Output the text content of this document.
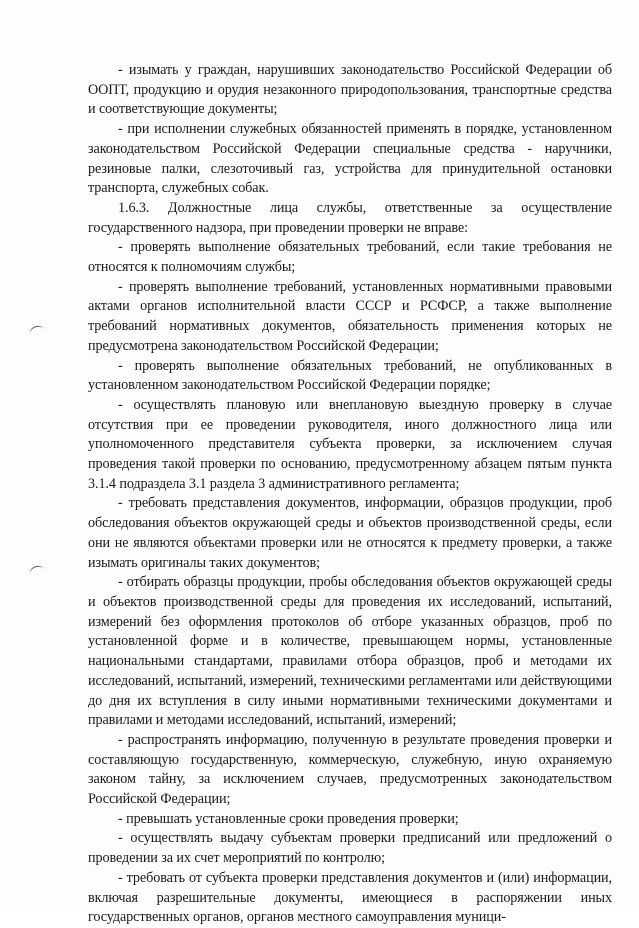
- изымать у граждан, нарушивших законодательство Российской Федерации об ООПТ, продукцию и орудия незаконного природопользования, транспортные средства и соответствующие документы;

- при исполнении служебных обязанностей применять в порядке, установленном законодательством Российской Федерации специальные средства - наручники, резиновые палки, слезоточивый газ, устройства для принудительной остановки транспорта, служебных собак.

1.6.3. Должностные лица службы, ответственные за осуществление государственного надзора, при проведении проверки не вправе:

- проверять выполнение обязательных требований, если такие требования не относятся к полномочиям службы;

- проверять выполнение требований, установленных нормативными правовыми актами органов исполнительной власти СССР и РСФСР, а также выполнение требований нормативных документов, обязательность применения которых не предусмотрена законодательством Российской Федерации;

- проверять выполнение обязательных требований, не опубликованных в установленном законодательством Российской Федерации порядке;

- осуществлять плановую или внеплановую выездную проверку в случае отсутствия при ее проведении руководителя, иного должностного лица или уполномоченного представителя субъекта проверки, за исключением случая проведения такой проверки по основанию, предусмотренному абзацем пятым пункта 3.1.4 подраздела 3.1 раздела 3 административного регламента;

- требовать представления документов, информации, образцов продукции, проб обследования объектов окружающей среды и объектов производственной среды, если они не являются объектами проверки или не относятся к предмету проверки, а также изымать оригиналы таких документов;

- отбирать образцы продукции, пробы обследования объектов окружающей среды и объектов производственной среды для проведения их исследований, испытаний, измерений без оформления протоколов об отборе указанных образцов, проб по установленной форме и в количестве, превышающем нормы, установленные национальными стандартами, правилами отбора образцов, проб и методами их исследований, испытаний, измерений, техническими регламентами или действующими до дня их вступления в силу иными нормативными техническими документами и правилами и методами исследований, испытаний, измерений;

- распространять информацию, полученную в результате проведения проверки и составляющую государственную, коммерческую, служебную, иную охраняемую законом тайну, за исключением случаев, предусмотренных законодательством Российской Федерации;

- превышать установленные сроки проведения проверки;

- осуществлять выдачу субъектам проверки предписаний или предложений о проведении за их счет мероприятий по контролю;

- требовать от субъекта проверки представления документов и (или) информации, включая разрешительные документы, имеющиеся в распоряжении иных государственных органов, органов местного самоуправления муници-
